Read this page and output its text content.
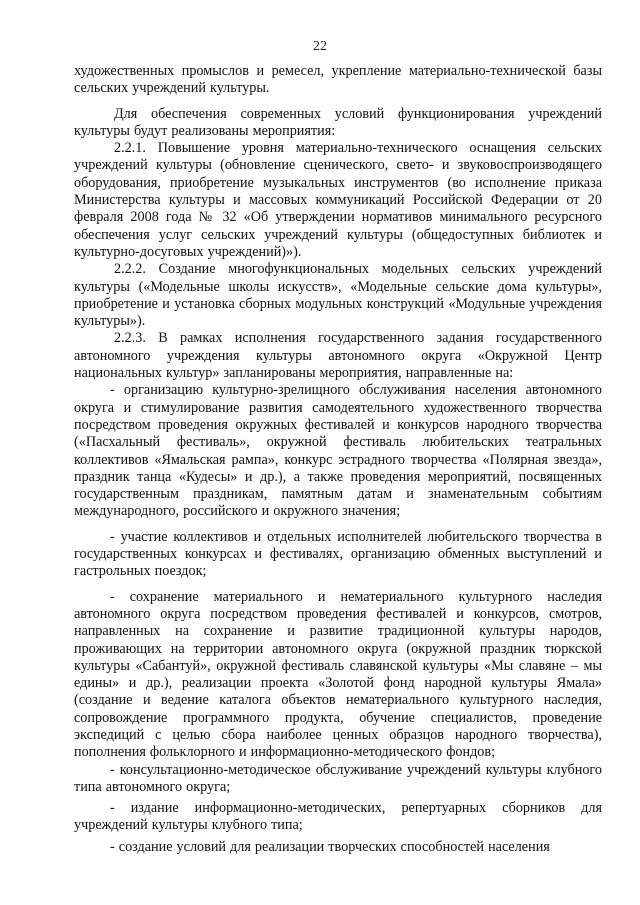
22

художественных промыслов и ремесел, укрепление материально-технической базы сельских учреждений культуры.

Для обеспечения современных условий функционирования учреждений культуры будут реализованы мероприятия:

2.2.1. Повышение уровня материально-технического оснащения сельских учреждений культуры (обновление сценического, свето- и звуковоспроизводящего оборудования, приобретение музыкальных инструментов (во исполнение приказа Министерства культуры и массовых коммуникаций Российской Федерации от 20 февраля 2008 года № 32 «Об утверждении нормативов минимального ресурсного обеспечения услуг сельских учреждений культуры (общедоступных библиотек и культурно-досуговых учреждений)»).

2.2.2. Создание многофункциональных модельных сельских учреждений культуры («Модельные школы искусств», «Модельные сельские дома культуры», приобретение и установка сборных модульных конструкций «Модульные учреждения культуры»).

2.2.3. В рамках исполнения государственного задания государственного автономного учреждения культуры автономного округа «Окружной Центр национальных культур» запланированы мероприятия, направленные на:

- организацию культурно-зрелищного обслуживания населения автономного округа и стимулирование развития самодеятельного художественного творчества посредством проведения окружных фестивалей и конкурсов народного творчества («Пасхальный фестиваль», окружной фестиваль любительских театральных коллективов «Ямальская рампа», конкурс эстрадного творчества «Полярная звезда», праздник танца «Кудесы» и др.), а также проведения мероприятий, посвященных государственным праздникам, памятным датам и знаменательным событиям международного, российского и окружного значения;

- участие коллективов и отдельных исполнителей любительского творчества в государственных конкурсах и фестивалях, организацию обменных выступлений и гастрольных поездок;

- сохранение материального и нематериального культурного наследия автономного округа посредством проведения фестивалей и конкурсов, смотров, направленных на сохранение и развитие традиционной культуры народов, проживающих на территории автономного округа (окружной праздник тюркской культуры «Сабантуй», окружной фестиваль славянской культуры «Мы славяне – мы едины» и др.), реализации проекта «Золотой фонд народной культуры Ямала» (создание и ведение каталога объектов нематериального культурного наследия, сопровождение программного продукта, обучение специалистов, проведение экспедиций с целью сбора наиболее ценных образцов народного творчества), пополнения фольклорного и информационно-методического фондов;

- консультационно-методическое обслуживание учреждений культуры клубного типа автономного округа;

- издание информационно-методических, репертуарных сборников для учреждений культуры клубного типа;

- создание условий для реализации творческих способностей населения
